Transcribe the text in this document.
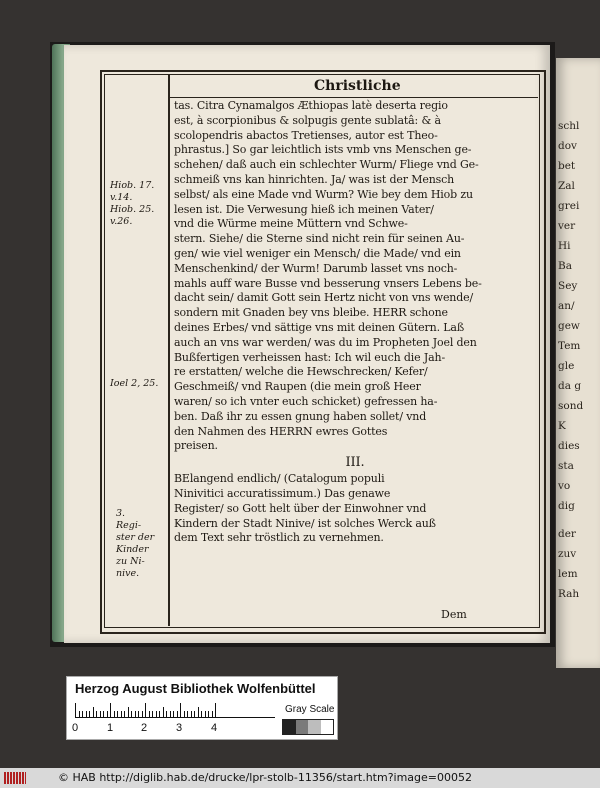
Christliche
tas. Citra Cynamalgos Æthiopas latè deserta regio
est, à scorpionibus & solpugis gente sublatâ: & à
scolopendris abactos Tretienses, autor est Theo-
phrastus.] So gar leichtlich ists vmb vns Menschen ge-
schehen/ daß auch ein schlechter Wurm/ Fliege vnd Ge-
schmeiß vns kan hinrichten. Ja/ was ist der Mensch
selbst/ als eine Made vnd Wurm? Wie bey dem Hiob zu
lesen ist. Die Verwesung hieß ich meinen Vater/
vnd die Würme meine Müttern vnd Schwe-
stern. Siehe/ die Sterne sind nicht rein für seinen Au-
gen/ wie viel weniger ein Mensch/ die Made/ vnd ein
Menschenkind/ der Wurm! Darumb lasset vns noch-
mahls auff ware Busse vnd besserung vnsers Lebens be-
dacht sein/ damit Gott sein Hertz nicht von vns wende/
sondern mit Gnaden bey vns bleibe. HERR schone
deines Erbes/ vnd sättige vns mit deinen Gütern. Laß
auch an vns war werden/ was du im Propheten Joel den
Bußfertigen verheissen hast: Ich wil euch die Jah-
re erstatten/ welche die Hewschrecken/ Kefer/
Geschmeiß/ vnd Raupen (die mein groß Heer
waren/ so ich vnter euch schicket) gefressen ha-
ben. Daß ihr zu essen gnung haben sollet/ vnd
den Nahmen des HERRN ewres Gottes
preisen.
III.
BElangend endlich/ (Catalogum populi
Ninivitici accuratissimum.) Das genawe
Register/ so Gott helt über der Einwohner vnd
Kindern der Stadt Ninive/ ist solches Werck auß
dem Text sehr tröstlich zu vernehmen.
Hiob. 17.
v.14.
Hiob. 25.
v.26.
Ioel 2, 25.
3.
Regi-
ster der
Kinder
zu Ni-
nive.
Dem
schl
dov
bet
Zal
grei
ver
Hi
Ba
Sey
an/
gew
Tem
gle
da g
sond
K
dies
sta
vo
dig
der
zuv
lem
Rah
Herzog August Bibliothek Wolfenbüttel
0	1	2	3	4
Gray Scale
© HAB http://diglib.hab.de/drucke/lpr-stolb-11356/start.htm?image=00052
